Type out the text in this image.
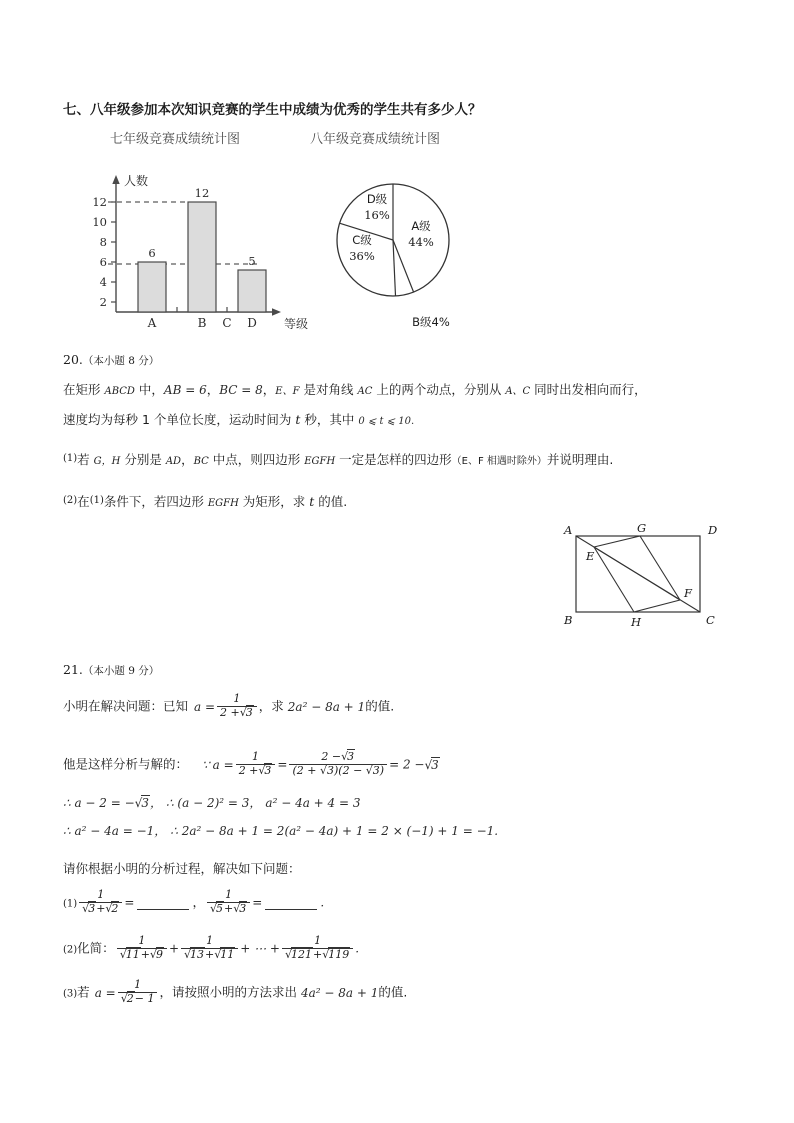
七、八年级参加本次知识竞赛的学生中成绩为优秀的学生共有多少人？
七年级竞赛成绩统计图	八年级竞赛成绩统计图
2
4
6
8
10
12
6
12
5
A	B	D
C
人数
等级
A级
44%
C级
36%
D级
16%
B级4%
20.（本小题 8 分）
在矩形 ABCD 中，AB = 6，BC = 8，E、F 是对角线 AC 上的两个动点，分别从 A、C 同时出发相向而行，
速度均为每秒 1 个单位长度，运动时间为 t 秒，其中 0 ⩽ t ⩽ 10.
$^{(1)}$若 G，H 分别是 AD，BC 中点，则四边形 EGFH 一定是怎样的四边形（E、F 相遇时除外）并说明理由.
$^{(2)}$在$^{(1)}$条件下，若四边形 EGFH 为矩形，求 t 的值.
A	D
B	C
E
F
G
H
21.（本小题 9 分）
小明在解决问题：已知 $a = \frac{1}{2 +√3}$ ，求 2a² − 8a + 1的值.
他是这样分析与解的： ∵ $a = \frac{1}{2 +√3} = \frac{2 -√3}{(2 + √3)(2 - √3)} = 2 -√3$
∴ a − 2 = −√3， ∴ (a − 2)² = 3， a² − 4a + 4 = 3
∴ a² − 4a = −1， ∴ 2a² − 8a + 1 = 2(a² − 4a) + 1 = 2 × (−1) + 1 = −1.
请你根据小明的分析过程，解决如下问题：
$(1) \frac{1}{√3+√2}$ =	， $\frac{1}{√5+√3}$ =	.
(2)化简： $\frac{1}{√11+√9} + \frac{1}{√13+√11}$ + ⋯ + $\frac{1}{√121+√119}$ .
(3)若 $a = \frac{1}{√2- 1}$ ，请按照小明的方法求出 4a² − 8a + 1的值.
